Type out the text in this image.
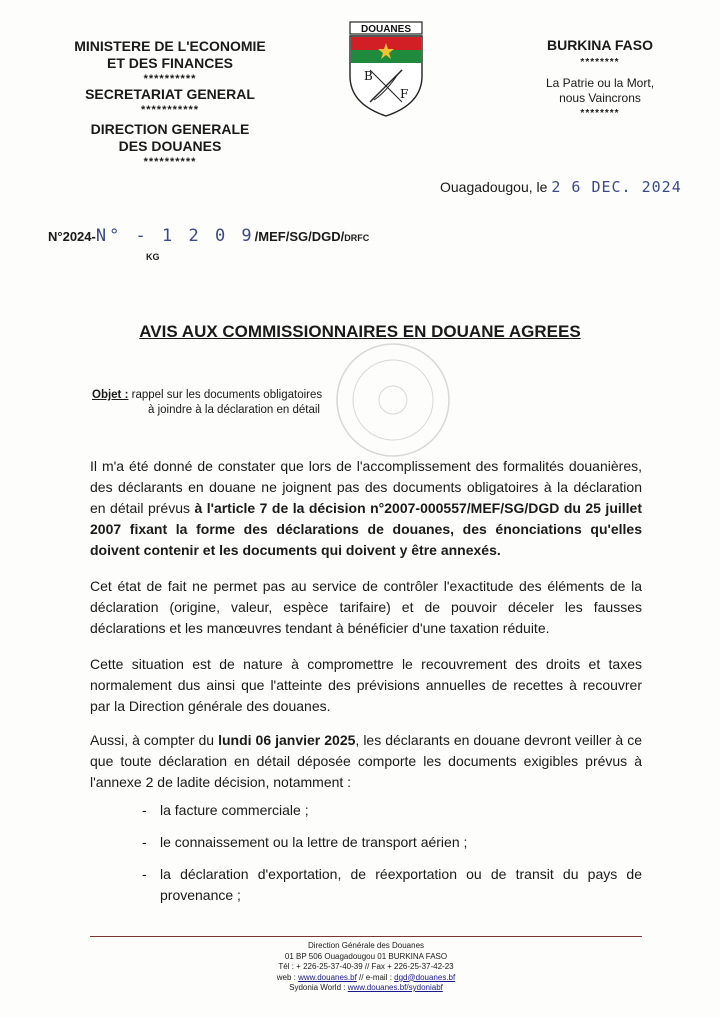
MINISTERE DE L'ECONOMIE
ET DES FINANCES
**********
SECRETARIAT GENERAL
***********
DIRECTION GENERALE
DES DOUANES
**********
DOUANES
B
F
BURKINA FASO
********
La Patrie ou la Mort,
nous Vaincrons
********
Ouagadougou, le 2 6 DEC. 2024
N°2024-N° - 1 2 0 9/MEF/SG/DGD/DRFC
KG
AVIS AUX COMMISSIONNAIRES EN DOUANE AGREES
Objet : rappel sur les documents obligatoires
à joindre à la déclaration en détail
Il m'a été donné de constater que lors de l'accomplissement des formalités douanières, des déclarants en douane ne joignent pas des documents obligatoires à la déclaration en détail prévus à l'article 7 de la décision n°2007-000557/MEF/SG/DGD du 25 juillet 2007 fixant la forme des déclarations de douanes, des énonciations qu'elles doivent contenir et les documents qui doivent y être annexés.
Cet état de fait ne permet pas au service de contrôler l'exactitude des éléments de la déclaration (origine, valeur, espèce tarifaire) et de pouvoir déceler les fausses déclarations et les manœuvres tendant à bénéficier d'une taxation réduite.
Cette situation est de nature à compromettre le recouvrement des droits et taxes normalement dus ainsi que l'atteinte des prévisions annuelles de recettes à recouvrer par la Direction générale des douanes.
Aussi, à compter du lundi 06 janvier 2025, les déclarants en douane devront veiller à ce que toute déclaration en détail déposée comporte les documents exigibles prévus à l'annexe 2 de ladite décision, notamment :
- la facture commerciale ;
- le connaissement ou la lettre de transport aérien ;
- la déclaration d'exportation, de réexportation ou de transit du pays de provenance ;
Direction Générale des Douanes
01 BP 506 Ouagadougou 01 BURKINA FASO
Tél : + 226-25-37-40-39 // Fax + 226-25-37-42-23
web : www.douanes.bf // e-mail : dgd@douanes.bf
Sydonia World : www.douanes.bf/sydoniabf
